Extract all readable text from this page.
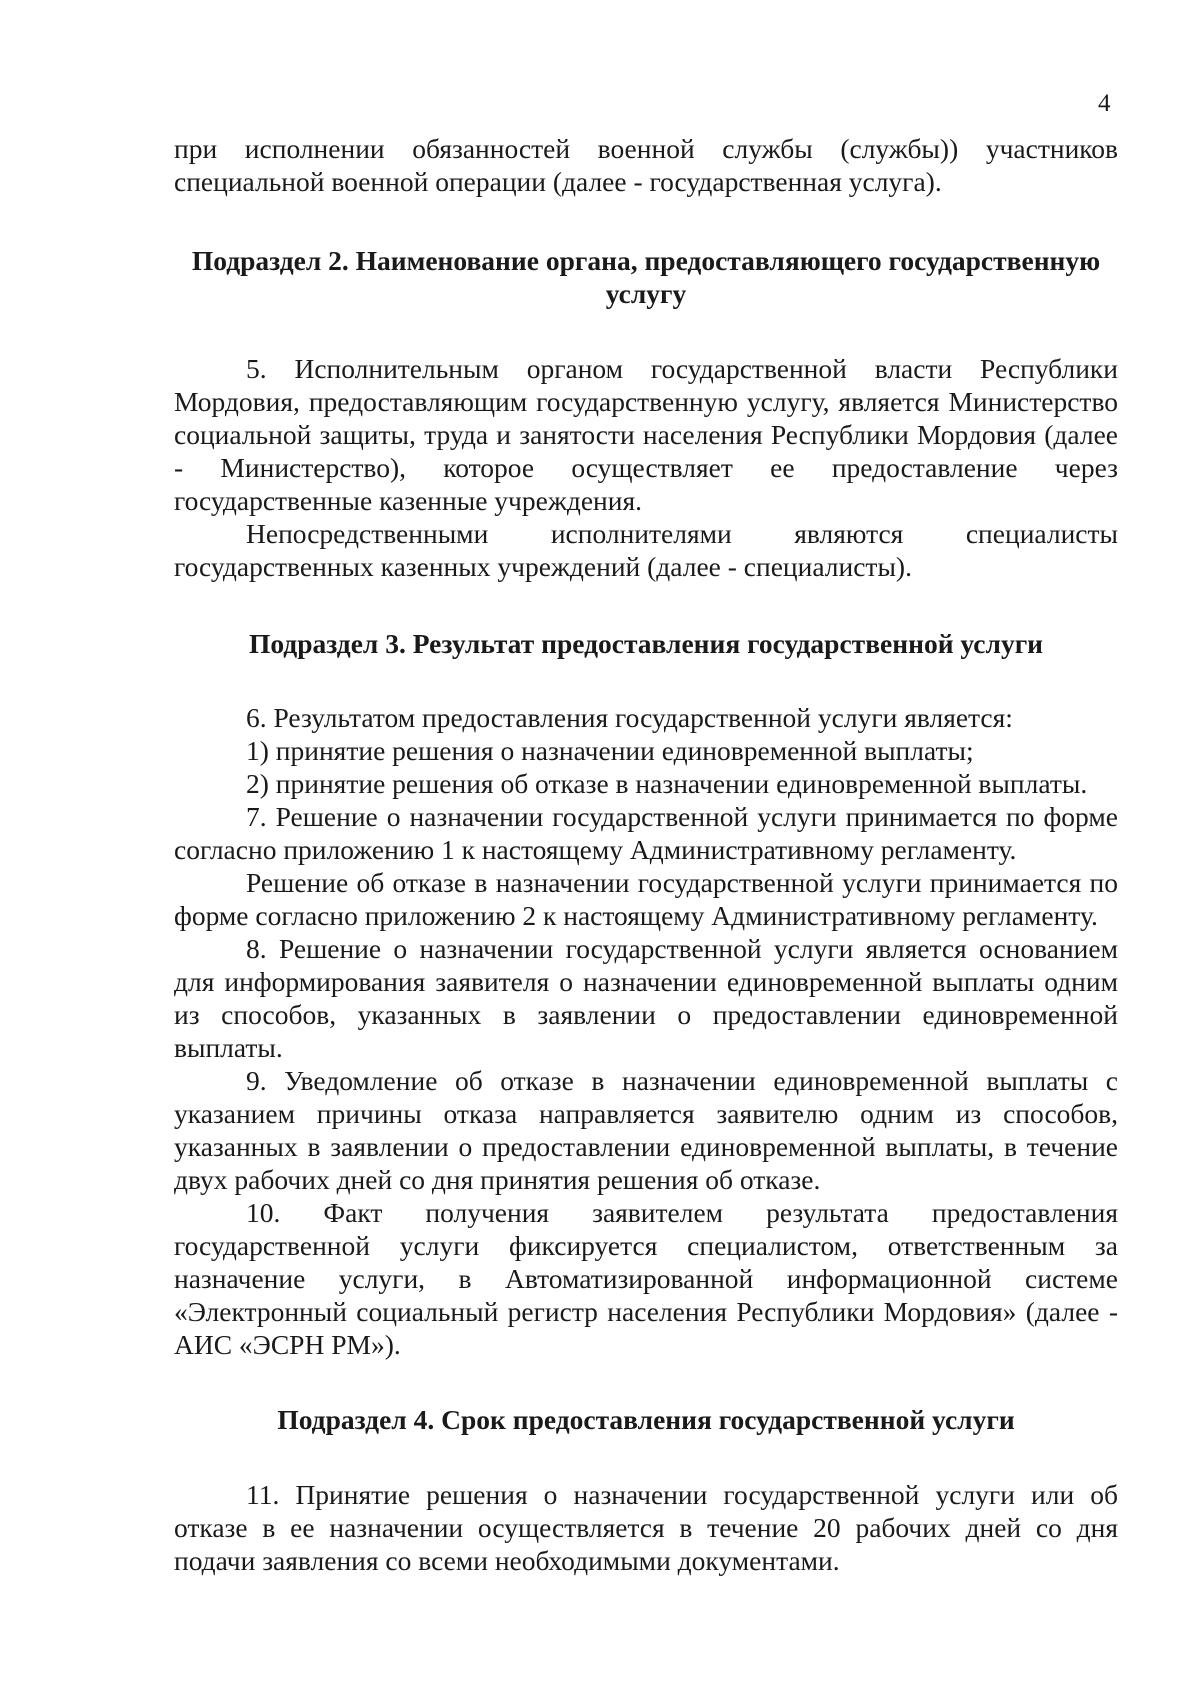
4

при исполнении обязанностей военной службы (службы)) участников специальной военной операции (далее - государственная услуга).

Подраздел 2. Наименование органа, предоставляющего государственную услугу

5. Исполнительным органом государственной власти Республики Мордовия, предоставляющим государственную услугу, является Министерство социальной защиты, труда и занятости населения Республики Мордовия (далее - Министерство), которое осуществляет ее предоставление через государственные казенные учреждения.

Непосредственными исполнителями являются специалисты государственных казенных учреждений (далее - специалисты).

Подраздел 3. Результат предоставления государственной услуги

6. Результатом предоставления государственной услуги является:

1) принятие решения о назначении единовременной выплаты;

2) принятие решения об отказе в назначении единовременной выплаты.

7. Решение о назначении государственной услуги принимается по форме согласно приложению 1 к настоящему Административному регламенту.

Решение об отказе в назначении государственной услуги принимается по форме согласно приложению 2 к настоящему Административному регламенту.

8. Решение о назначении государственной услуги является основанием для информирования заявителя о назначении единовременной выплаты одним из способов, указанных в заявлении о предоставлении единовременной выплаты.

9. Уведомление об отказе в назначении единовременной выплаты с указанием причины отказа направляется заявителю одним из способов, указанных в заявлении о предоставлении единовременной выплаты, в течение двух рабочих дней со дня принятия решения об отказе.

10. Факт получения заявителем результата предоставления государственной услуги фиксируется специалистом, ответственным за назначение услуги, в Автоматизированной информационной системе «Электронный социальный регистр населения Республики Мордовия» (далее - АИС «ЭСРН РМ»).

Подраздел 4. Срок предоставления государственной услуги

11. Принятие решения о назначении государственной услуги или об отказе в ее назначении осуществляется в течение 20 рабочих дней со дня подачи заявления со всеми необходимыми документами.
